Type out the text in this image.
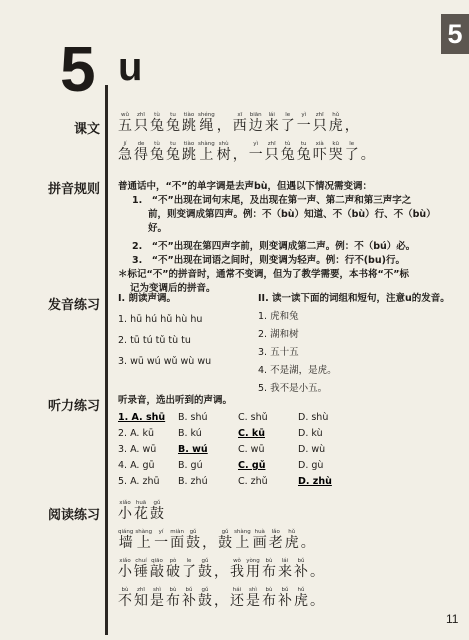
5
5 u
课文
拼音规则
发音练习
听力练习
阅读练习
五wǔ只zhī兔tù兔tu跳tiào绳shéng， 西xī边biān来lái了le一yì只zhī虎hǔ，
急jí得de兔tù兔tu跳tiào上shàng树shù， 一yì只zhī兔tù兔tu吓xià哭kū了le。
普通话中，“不”的单字调是去声bù，但遇以下情况需变调：
1.　“不”出现在词句末尾，及出现在第一声、第二声和第三声字之
前，则变调成第四声。例：不（bù）知道、不（bù）行、不（bù）
好。
2.　“不”出现在第四声字前，则变调成第二声。例：不（bú）必。
3.　“不”出现在词语之间时，则变调为轻声。例：行不(bu)行。
＊标记“不”的拼音时，通常不变调，但为了教学需要，本书将“不”标
记为变调后的拼音。
I. 朗读声调。
1. hū hú hǔ hù hu
2. tū tú tǔ tù tu
3. wū wú wǔ wù wu
II. 读一读下面的词组和短句，注意u的发音。
1. 虎和兔
2. 湖和树
3. 五十五
4. 不是湖，是虎。
5. 我不是小五。
听录音，选出听到的声调。
1. A. shū B. shú	C. shǔ	D. shù
2. A. kū	B. kú	C. kū	D. kù
3. A. wū B. wú	C. wū	D. wù
4. A. gū B. gú	C. gǔ	D. gù
5. A. zhū B. zhú	C. zhǔ	D. zhù
小xiǎo花huā鼓gǔ
墙qiáng上shàng一yí面miàn鼓gǔ， 鼓gǔ上shàng画huà老lǎo虎hǔ。
小xiǎo锤chuí敲qiāo破pò了le鼓gǔ， 我wǒ用yòng布bù来lái补bǔ。
不bù知zhī是shì布bù补bǔ鼓gǔ， 还hái是shì布bù补bǔ虎hǔ。
11
